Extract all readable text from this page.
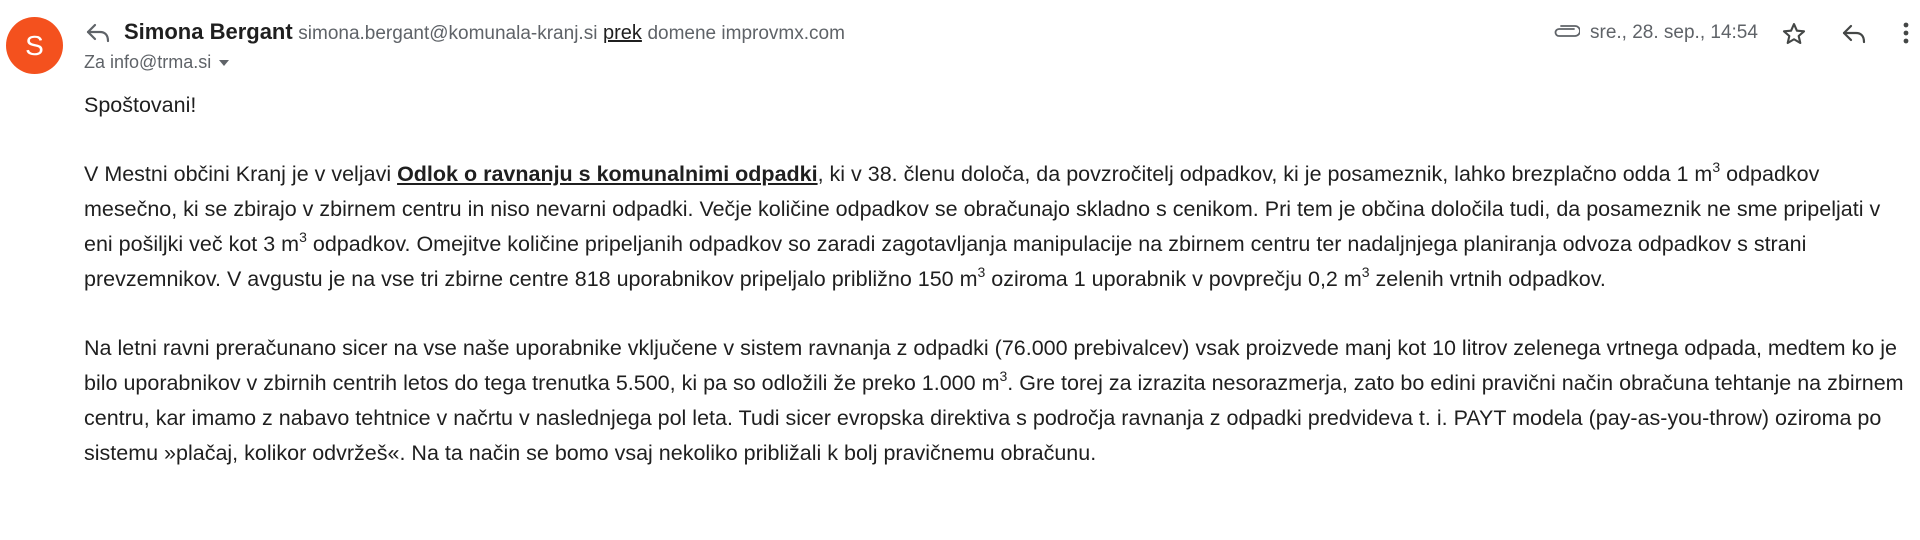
S	Simona Bergant simona.bergant@komunala-kranj.si prek domene improvmx.com
Za info@trma.si
sre., 28. sep., 14:54

Spoštovani!

V Mestni občini Kranj je v veljavi Odlok o ravnanju s komunalnimi odpadki, ki v 38. členu določa, da povzročitelj odpadkov, ki je posameznik, lahko brezplačno odda 1 $m^3$ odpadkov mesečno, ki se zbirajo v zbirnem centru in niso nevarni odpadki. Večje količine odpadkov se obračunajo skladno s cenikom. Pri tem je občina določila tudi, da posameznik ne sme pripeljati v eni pošiljki več kot 3 $m^3$ odpadkov. Omejitve količine pripeljanih odpadkov so zaradi zagotavljanja manipulacije na zbirnem centru ter nadaljnjega planiranja odvoza odpadkov s strani prevzemnikov. V avgustu je na vse tri zbirne centre 818 uporabnikov pripeljalo približno 150 $m^3$ oziroma 1 uporabnik v povprečju 0,2 $m^3$ zelenih vrtnih odpadkov.

Na letni ravni preračunano sicer na vse naše uporabnike vključene v sistem ravnanja z odpadki (76.000 prebivalcev) vsak proizvede manj kot 10 litrov zelenega vrtnega odpada, medtem ko je bilo uporabnikov v zbirnih centrih letos do tega trenutka 5.500, ki pa so odložili že preko 1.000 $m^3$. Gre torej za izrazita nesorazmerja, zato bo edini pravični način obračuna tehtanje na zbirnem centru, kar imamo z nabavo tehtnice v načrtu v naslednjega pol leta. Tudi sicer evropska direktiva s področja ravnanja z odpadki predvideva t. i. PAYT modela (pay-as-you-throw) oziroma po sistemu »plačaj, kolikor odvržeš«. Na ta način se bomo vsaj nekoliko približali k bolj pravičnemu obračunu.
